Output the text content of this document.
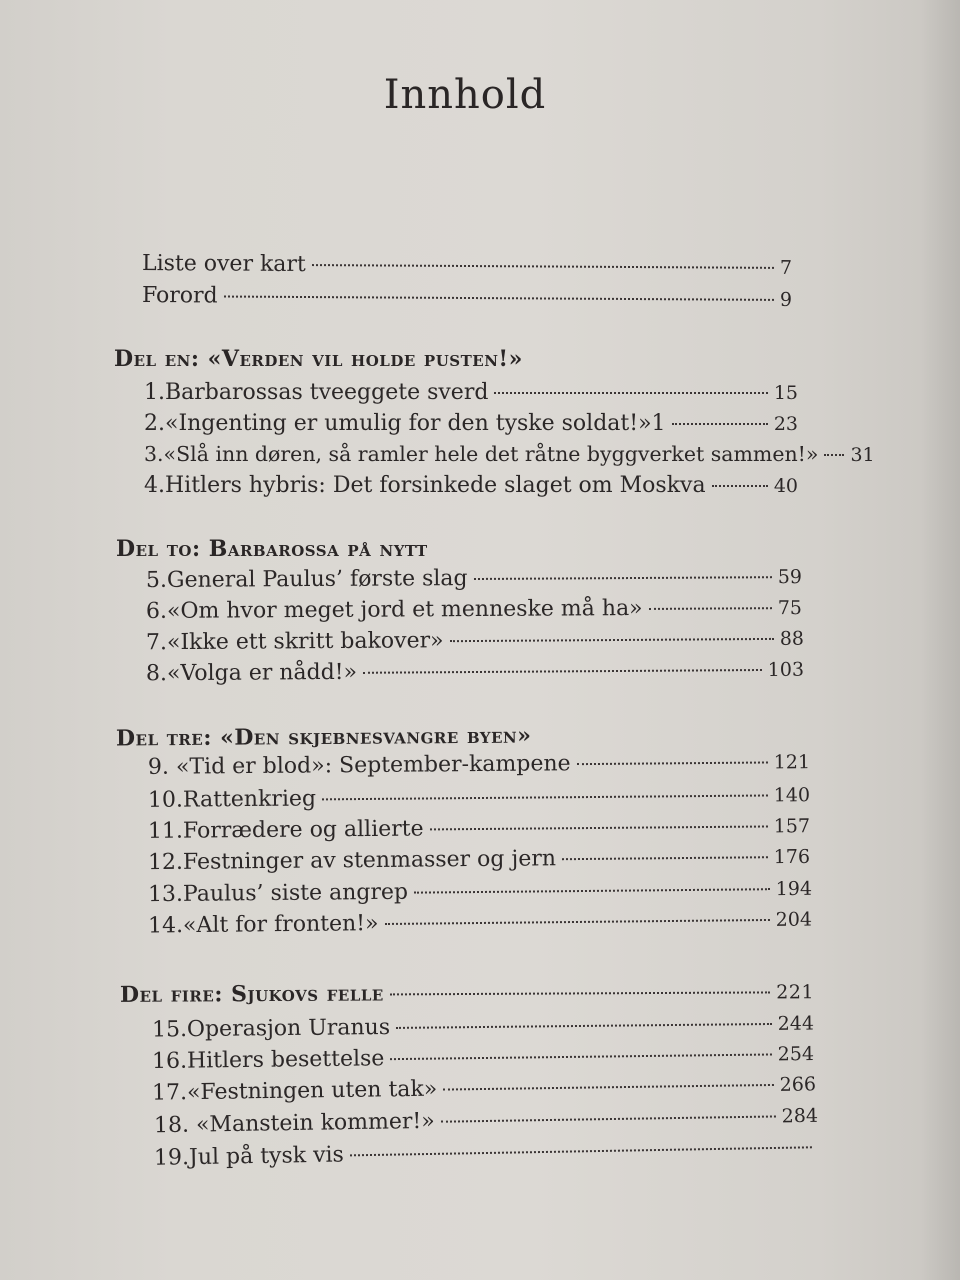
Innhold
Liste over kart	7
Forord	9
Del en: «Verden vil holde pusten!»
1.Barbarossas tveeggete sverd	15
2.«Ingenting er umulig for den tyske soldat!»1	23
3.«Slå inn døren, så ramler hele det råtne byggverket sammen!» 31
4.Hitlers hybris: Det forsinkede slaget om Moskva	40
Del to: Barbarossa på nytt
5.General Paulus’ første slag	59
6.«Om hvor meget jord et menneske må ha»	75
7.«Ikke ett skritt bakover»	88
8.«Volga er nådd!»	103
Del tre: «Den skjebnesvangre byen»
9. «Tid er blod»: September-kampene	121
10.Rattenkrieg	140
11.Forrædere og allierte	157
12.Festninger av stenmasser og jern	176
13.Paulus’ siste angrep	194
14.«Alt for fronten!»	204
Del fire: Sjukovs felle	221
15.Operasjon Uranus	244
16.Hitlers besettelse	254
17.«Festningen uten tak»	266
18. «Manstein kommer!»	284
19.Jul på tysk vis
